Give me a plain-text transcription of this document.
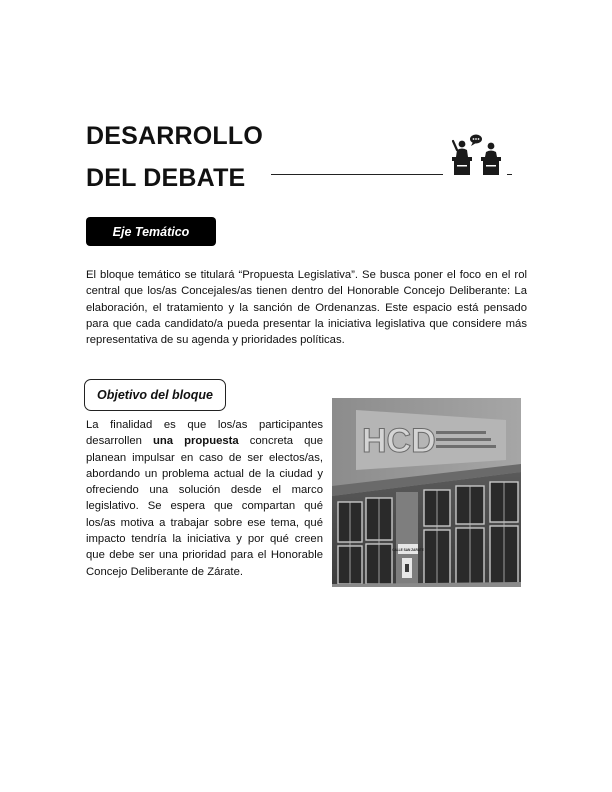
DESARROLLO
DEL DEBATE
Eje Temático

El bloque temático se titulará “Propuesta Legislativa”. Se busca poner el foco en el rol central que los/as Concejales/as tienen dentro del Honorable Concejo Deliberante: La elaboración, el tratamiento y la sanción de Ordenanzas. Este espacio está pensado para que cada candidato/a pueda presentar la iniciativa legislativa que considere más representativa de su agenda y prioridades políticas.

Objetivo del bloque

La finalidad es que los/as participantes desarrollen una propuesta concreta que planean impulsar en caso de ser electos/as, abordando un problema actual de la ciudad y ofreciendo una solución desde el marco legislativo. Se espera que compartan qué los/as motiva a trabajar sobre ese tema, qué impacto tendría la iniciativa y por qué creen que debe ser una prioridad para el Honorable Concejo Deliberante de Zárate.

HCD
CALLE SAN ZARATE
